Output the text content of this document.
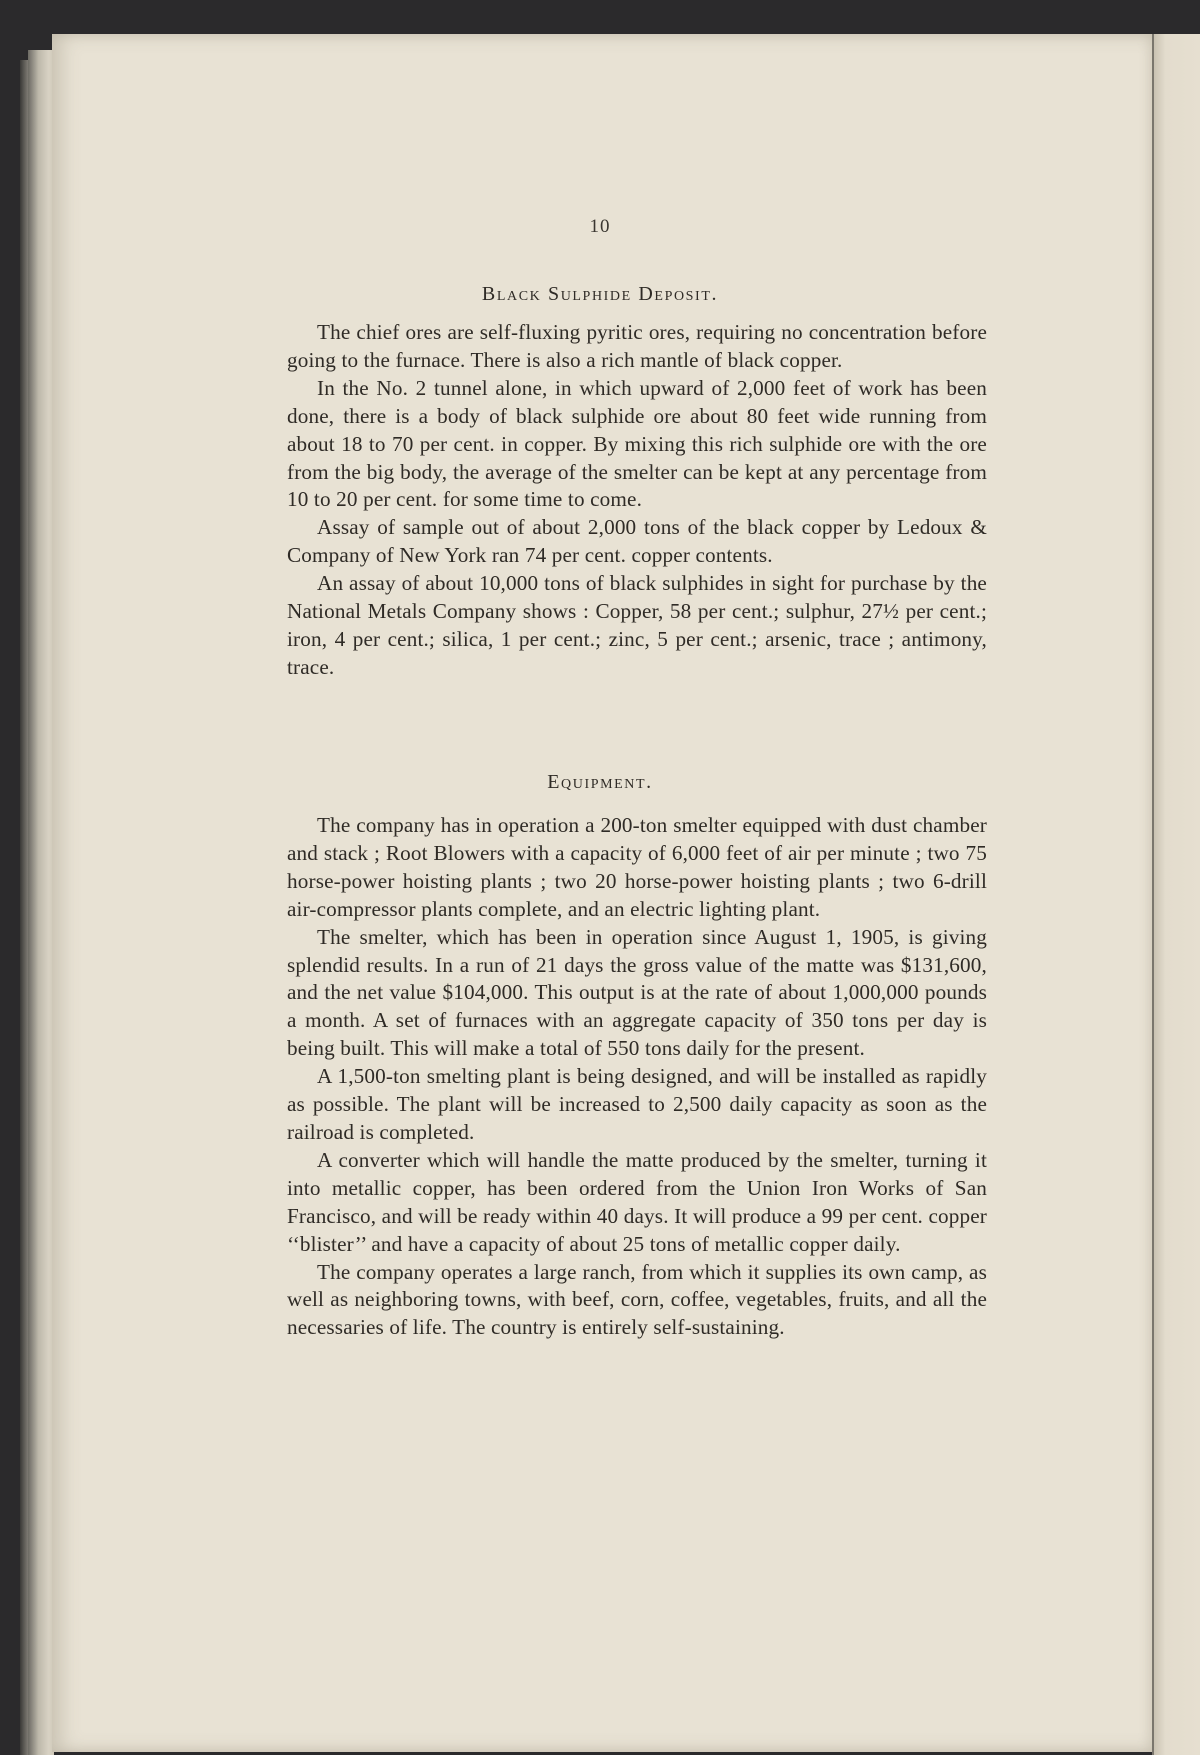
10
Black Sulphide Deposit.

The chief ores are self-fluxing pyritic ores, requiring no concentration before going to the furnace. There is also a rich mantle of black copper.

In the No. 2 tunnel alone, in which upward of 2,000 feet of work has been done, there is a body of black sulphide ore about 80 feet wide running from about 18 to 70 per cent. in copper. By mixing this rich sulphide ore with the ore from the big body, the average of the smelter can be kept at any percentage from 10 to 20 per cent. for some time to come.

Assay of sample out of about 2,000 tons of the black copper by Ledoux & Company of New York ran 74 per cent. copper contents.

An assay of about 10,000 tons of black sulphides in sight for purchase by the National Metals Company shows : Copper, 58 per cent.; sulphur, 27½ per cent.; iron, 4 per cent.; silica, 1 per cent.; zinc, 5 per cent.; arsenic, trace ; antimony, trace.

Equipment.

The company has in operation a 200-ton smelter equipped with dust chamber and stack ; Root Blowers with a capacity of 6,000 feet of air per minute ; two 75 horse-power hoisting plants ; two 20 horse-power hoisting plants ; two 6-drill air-compressor plants complete, and an electric lighting plant.

The smelter, which has been in operation since August 1, 1905, is giving splendid results. In a run of 21 days the gross value of the matte was $131,600, and the net value $104,000. This output is at the rate of about 1,000,000 pounds a month. A set of furnaces with an aggregate capacity of 350 tons per day is being built. This will make a total of 550 tons daily for the present.

A 1,500-ton smelting plant is being designed, and will be installed as rapidly as possible. The plant will be increased to 2,500 daily capacity as soon as the railroad is completed.

A converter which will handle the matte produced by the smelter, turning it into metallic copper, has been ordered from the Union Iron Works of San Francisco, and will be ready within 40 days. It will produce a 99 per cent. copper ‘‘blister’’ and have a capacity of about 25 tons of metallic copper daily.

The company operates a large ranch, from which it supplies its own camp, as well as neighboring towns, with beef, corn, coffee, vegetables, fruits, and all the necessaries of life. The country is entirely self-sustaining.
